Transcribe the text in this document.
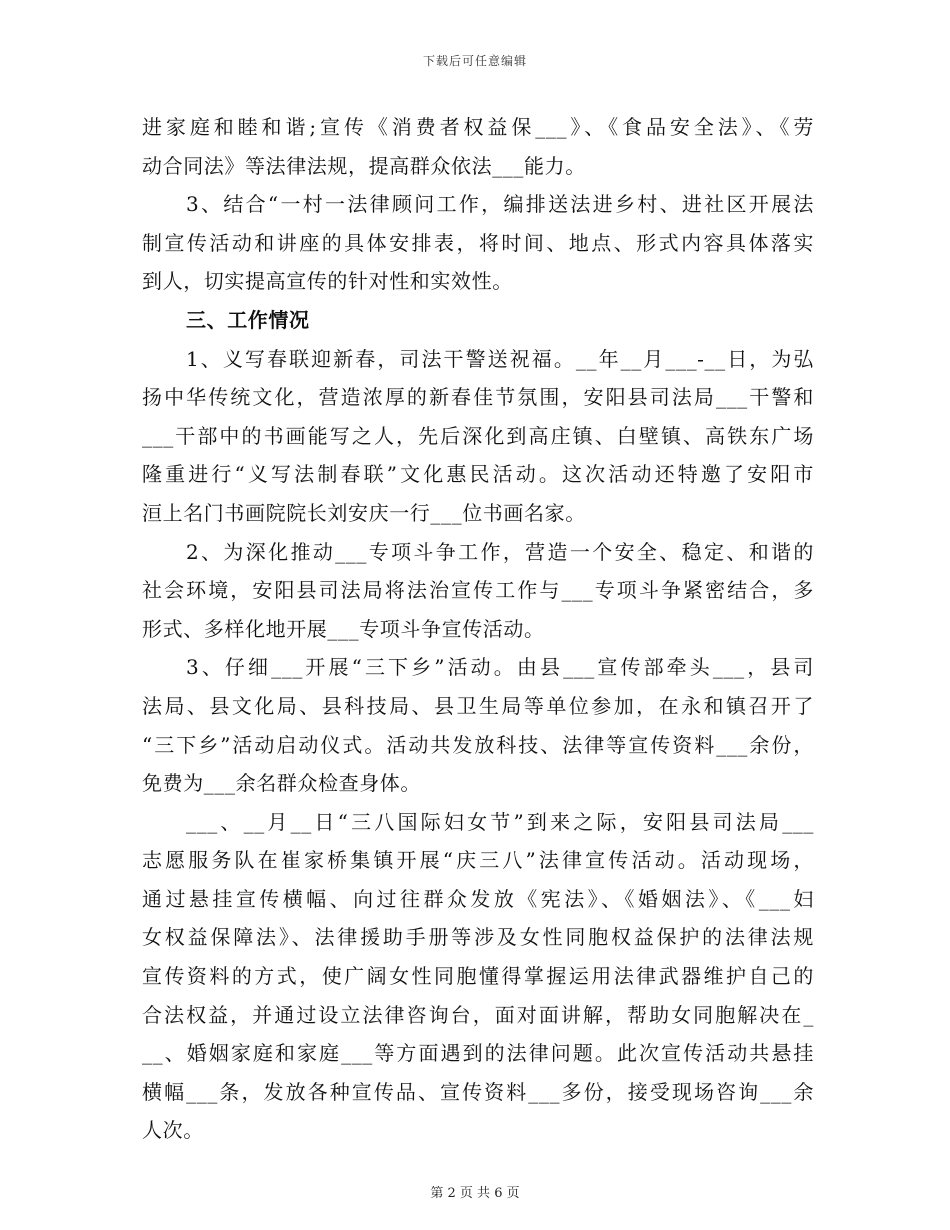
下载后可任意编辑
进家庭和睦和谐;宣传《消费者权益保___》、《食品安全法》、《劳
动合同法》等法律法规，提高群众依法___能力。
3、结合“一村一法律顾问工作，编排送法进乡村、进社区开展法
制宣传活动和讲座的具体安排表，将时间、地点、形式内容具体落实
到人，切实提高宣传的针对性和实效性。
三、工作情况
1、义写春联迎新春，司法干警送祝福。__年__月___-__日，为弘
扬中华传统文化，营造浓厚的新春佳节氛围，安阳县司法局___干警和
___干部中的书画能写之人，先后深化到高庄镇、白壁镇、高铁东广场
隆重进行“义写法制春联”文化惠民活动。这次活动还特邀了安阳市
洹上名门书画院院长刘安庆一行___位书画名家。
2、为深化推动___专项斗争工作，营造一个安全、稳定、和谐的
社会环境，安阳县司法局将法治宣传工作与___专项斗争紧密结合，多
形式、多样化地开展___专项斗争宣传活动。
3、仔细___开展“三下乡”活动。由县___宣传部牵头___，县司
法局、县文化局、县科技局、县卫生局等单位参加，在永和镇召开了
“三下乡”活动启动仪式。活动共发放科技、法律等宣传资料___余份，
免费为___余名群众检查身体。
___、__月__日“三八国际妇女节”到来之际，安阳县司法局___
志愿服务队在崔家桥集镇开展“庆三八”法律宣传活动。活动现场，
通过悬挂宣传横幅、向过往群众发放《宪法》、《婚姻法》、《___妇
女权益保障法》、法律援助手册等涉及女性同胞权益保护的法律法规
宣传资料的方式，使广阔女性同胞懂得掌握运用法律武器维护自己的
合法权益，并通过设立法律咨询台，面对面讲解，帮助女同胞解决在_
__、婚姻家庭和家庭___等方面遇到的法律问题。此次宣传活动共悬挂
横幅___条，发放各种宣传品、宣传资料___多份，接受现场咨询___余
人次。
第 2 页 共 6 页
